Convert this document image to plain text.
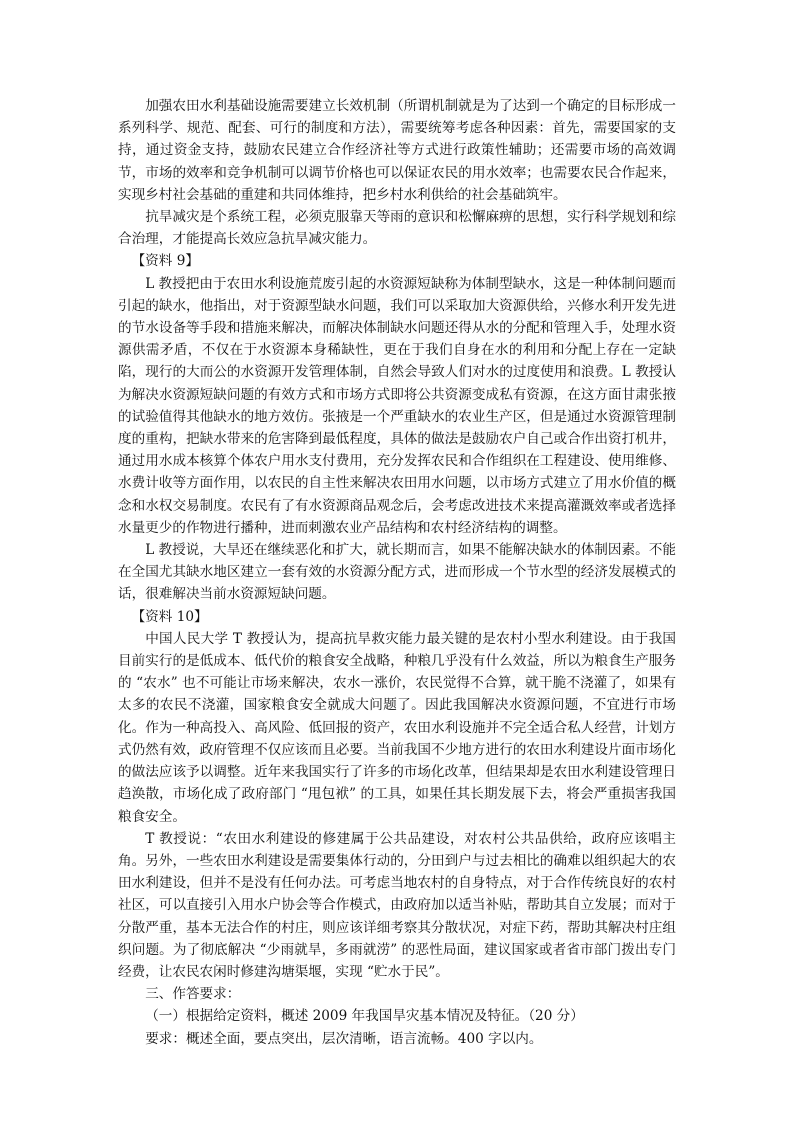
加强农田水利基础设施需要建立长效机制（所谓机制就是为了达到一个确定的目标形成一系列科学、规范、配套、可行的制度和方法），需要统筹考虑各种因素：首先，需要国家的支持，通过资金支持，鼓励农民建立合作经济社等方式进行政策性辅助；还需要市场的高效调节，市场的效率和竞争机制可以调节价格也可以保证农民的用水效率；也需要农民合作起来，实现乡村社会基础的重建和共同体维持，把乡村水利供给的社会基础筑牢。

抗旱减灾是个系统工程，必须克服靠天等雨的意识和松懈麻痹的思想，实行科学规划和综合治理，才能提高长效应急抗旱减灾能力。

【资料 9】

L 教授把由于农田水利设施荒废引起的水资源短缺称为体制型缺水，这是一种体制问题而引起的缺水，他指出，对于资源型缺水问题，我们可以采取加大资源供给，兴修水利开发先进的节水设备等手段和措施来解决，而解决体制缺水问题还得从水的分配和管理入手，处理水资源供需矛盾，不仅在于水资源本身稀缺性，更在于我们自身在水的利用和分配上存在一定缺陷，现行的大而公的水资源开发管理体制，自然会导致人们对水的过度使用和浪费。L 教授认为解决水资源短缺问题的有效方式和市场方式即将公共资源变成私有资源，在这方面甘肃张掖的试验值得其他缺水的地方效仿。张掖是一个严重缺水的农业生产区，但是通过水资源管理制度的重构，把缺水带来的危害降到最低程度，具体的做法是鼓励农户自己或合作出资打机井，通过用水成本核算个体农户用水支付费用，充分发挥农民和合作组织在工程建设、使用维修、水费计收等方面作用，以农民的自主性来解决农田用水问题，以市场方式建立了用水价值的概念和水权交易制度。农民有了有水资源商品观念后，会考虑改进技术来提高灌溉效率或者选择水量更少的作物进行播种，进而刺激农业产品结构和农村经济结构的调整。

L 教授说，大旱还在继续恶化和扩大，就长期而言，如果不能解决缺水的体制因素。不能在全国尤其缺水地区建立一套有效的水资源分配方式，进而形成一个节水型的经济发展模式的话，很难解决当前水资源短缺问题。

【资料 10】

中国人民大学 T 教授认为，提高抗旱救灾能力最关键的是农村小型水利建设。由于我国目前实行的是低成本、低代价的粮食安全战略，种粮几乎没有什么效益，所以为粮食生产服务的 “农水” 也不可能让市场来解决，农水一涨价，农民觉得不合算，就干脆不浇灌了，如果有太多的农民不浇灌，国家粮食安全就成大问题了。因此我国解决水资源问题，不宜进行市场化。作为一种高投入、高风险、低回报的资产，农田水利设施并不完全适合私人经营，计划方式仍然有效，政府管理不仅应该而且必要。当前我国不少地方进行的农田水利建设片面市场化的做法应该予以调整。近年来我国实行了许多的市场化改革，但结果却是农田水利建设管理日趋涣散，市场化成了政府部门 “甩包袱” 的工具，如果任其长期发展下去，将会严重损害我国粮食安全。

T 教授说：“农田水利建设的修建属于公共品建设，对农村公共品供给，政府应该唱主角。另外，一些农田水利建设是需要集体行动的，分田到户与过去相比的确难以组织起大的农田水利建设，但并不是没有任何办法。可考虑当地农村的自身特点，对于合作传统良好的农村社区，可以直接引入用水户协会等合作模式，由政府加以适当补贴，帮助其自立发展；而对于分散严重，基本无法合作的村庄，则应该详细考察其分散状况，对症下药，帮助其解决村庄组织问题。为了彻底解决 “少雨就旱，多雨就涝” 的恶性局面，建议国家或者省市部门拨出专门经费，让农民农闲时修建沟塘渠堰，实现 “贮水于民”。

三、作答要求：

（一）根据给定资料，概述 2009 年我国旱灾基本情况及特征。（20 分）

要求：概述全面，要点突出，层次清晰，语言流畅。400 字以内。
